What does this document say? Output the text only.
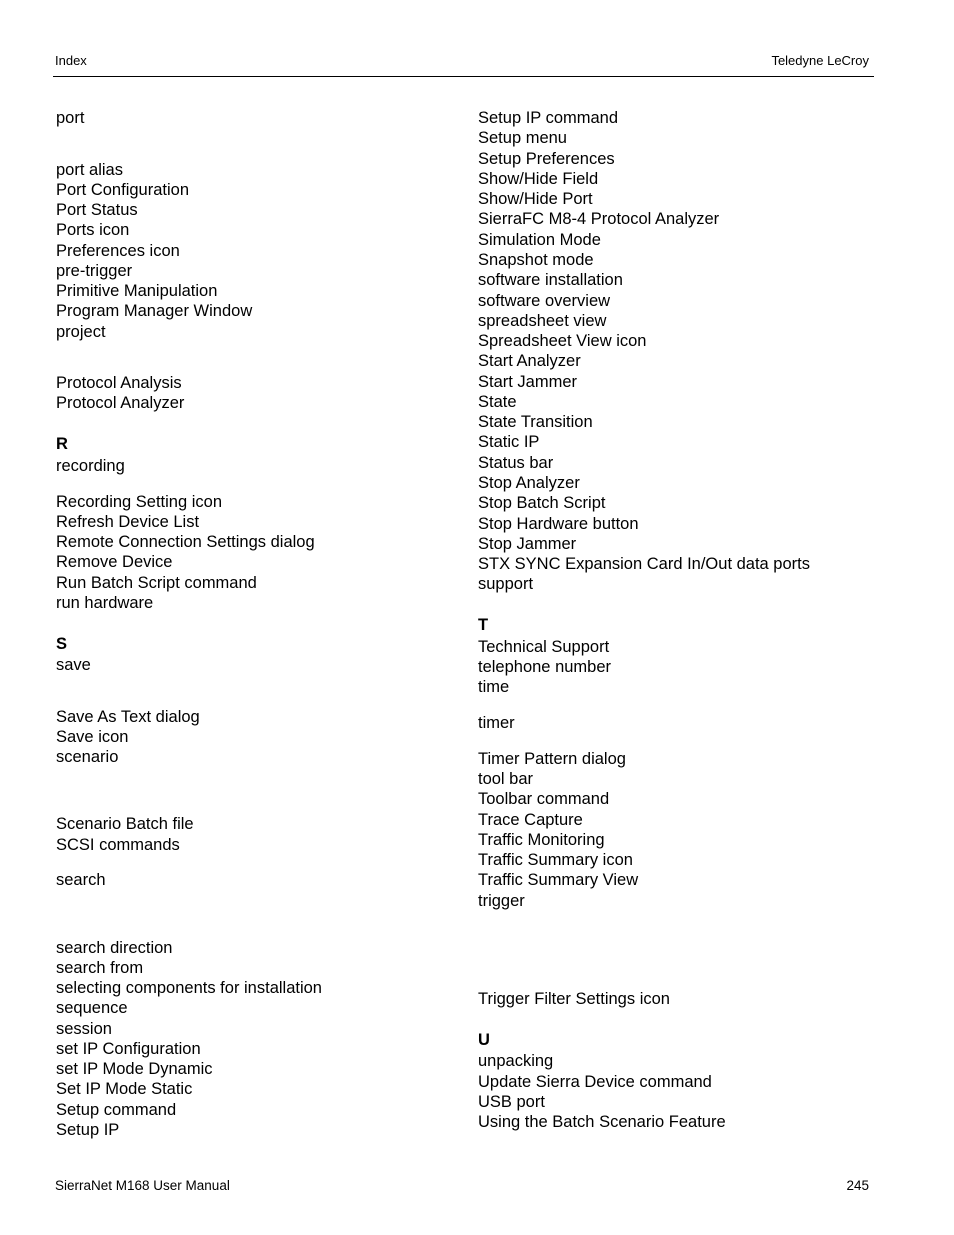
Index	Teledyne LeCroy
port
port alias
Port Configuration
Port Status
Ports icon
Preferences icon
pre-trigger
Primitive Manipulation
Program Manager Window
project
Protocol Analysis
Protocol Analyzer
R
recording
Recording Setting icon
Refresh Device List
Remote Connection Settings dialog
Remove Device
Run Batch Script command
run hardware
S
save
Save As Text dialog
Save icon
scenario
Scenario Batch file
SCSI commands
search
search direction
search from
selecting components for installation
sequence
session
set IP Configuration
set IP Mode Dynamic
Set IP Mode Static
Setup command
Setup IP
Setup IP command
Setup menu
Setup Preferences
Show/Hide Field
Show/Hide Port
SierraFC M8-4 Protocol Analyzer
Simulation Mode
Snapshot mode
software installation
software overview
spreadsheet view
Spreadsheet View icon
Start Analyzer
Start Jammer
State
State Transition
Static IP
Status bar
Stop Analyzer
Stop Batch Script
Stop Hardware button
Stop Jammer
STX SYNC Expansion Card In/Out data ports
support
T
Technical Support
telephone number
time
timer
Timer Pattern dialog
tool bar
Toolbar command
Trace Capture
Traffic Monitoring
Traffic Summary icon
Traffic Summary View
trigger
Trigger Filter Settings icon
U
unpacking
Update Sierra Device command
USB port
Using the Batch Scenario Feature
SierraNet M168 User Manual	245
